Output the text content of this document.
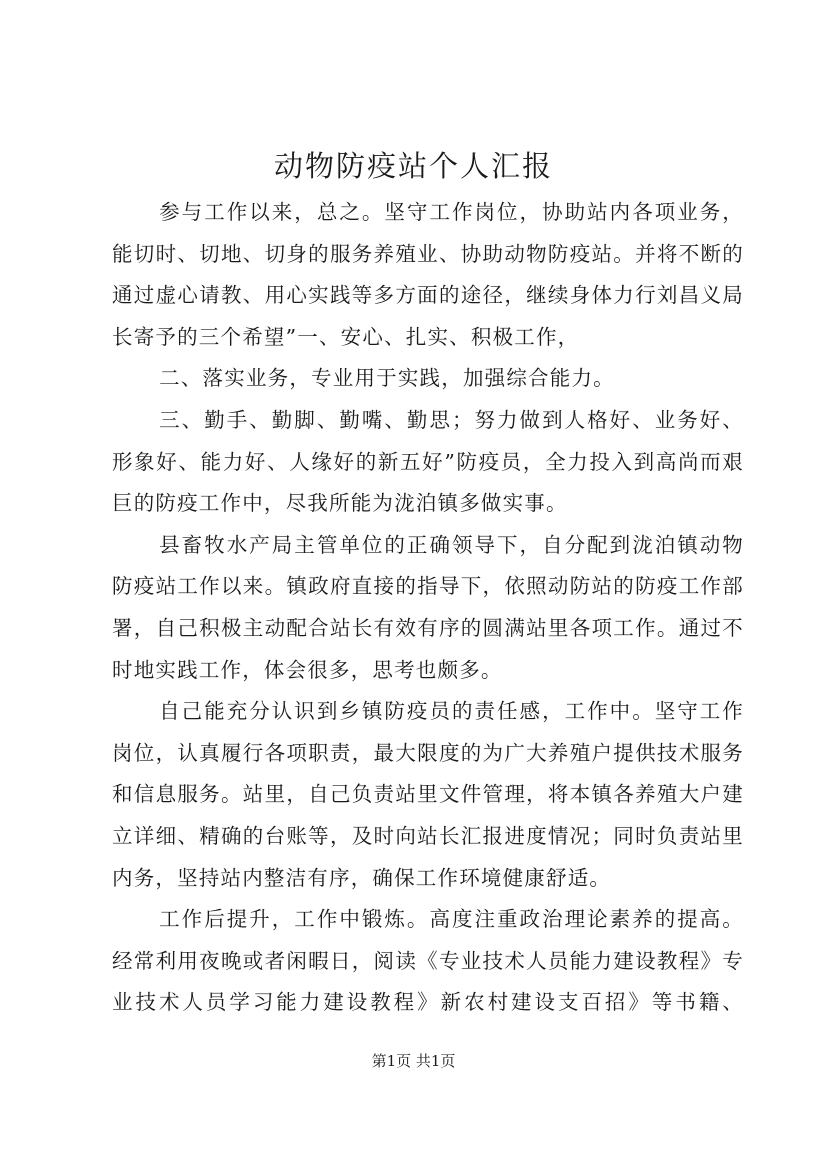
动物防疫站个人汇报

参与工作以来，总之。坚守工作岗位，协助站内各项业务，能切时、切地、切身的服务养殖业、协助动物防疫站。并将不断的通过虚心请教、用心实践等多方面的途径，继续身体力行刘昌义局长寄予的三个希望”一、安心、扎实、积极工作，

二、落实业务，专业用于实践，加强综合能力。

三、勤手、勤脚、勤嘴、勤思；努力做到人格好、业务好、形象好、能力好、人缘好的新五好”防疫员，全力投入到高尚而艰巨的防疫工作中，尽我所能为泷泊镇多做实事。

县畜牧水产局主管单位的正确领导下，自分配到泷泊镇动物防疫站工作以来。镇政府直接的指导下，依照动防站的防疫工作部署，自己积极主动配合站长有效有序的圆满站里各项工作。通过不时地实践工作，体会很多，思考也颇多。

自己能充分认识到乡镇防疫员的责任感，工作中。坚守工作岗位，认真履行各项职责，最大限度的为广大养殖户提供技术服务和信息服务。站里，自己负责站里文件管理，将本镇各养殖大户建立详细、精确的台账等，及时向站长汇报进度情况；同时负责站里内务，坚持站内整洁有序，确保工作环境健康舒适。

工作后提升，工作中锻炼。高度注重政治理论素养的提高。经常利用夜晚或者闲暇日，阅读《专业技术人员能力建设教程》专业技术人员学习能力建设教程》新农村建设支百招》等书籍、

第1页 共1页
